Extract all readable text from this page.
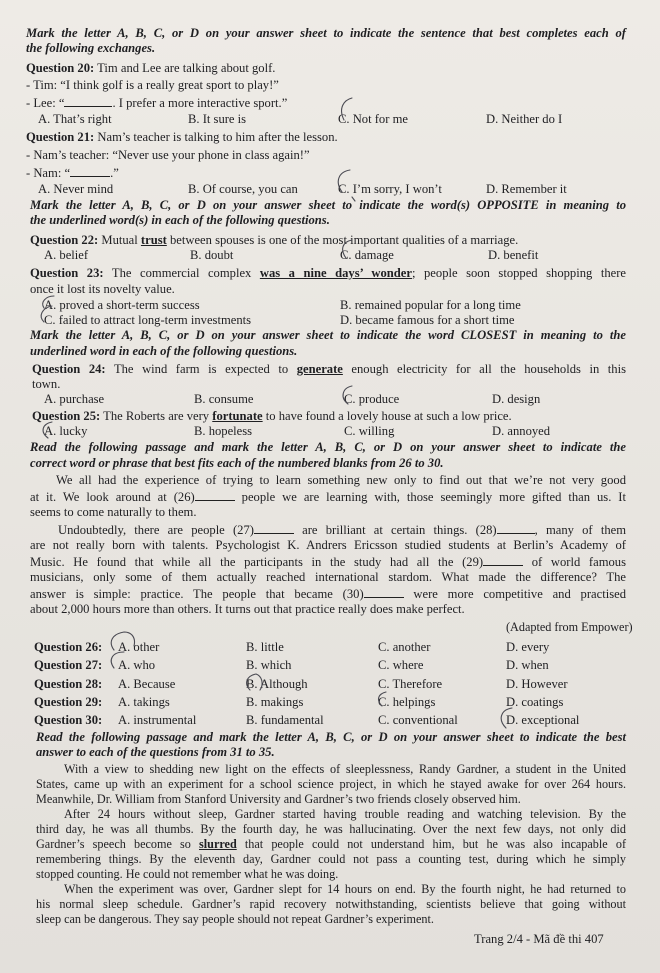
Mark the letter A, B, C, or D on your answer sheet to indicate the sentence that best completes each of
the following exchanges.
Question 20: Tim and Lee are talking about golf.
- Tim: “I think golf is a really great sport to play!”
- Lee: “	. I prefer a more interactive sport.”
A. That’s right	B. It sure is	C. Not for me	D. Neither do I
Question 21: Nam’s teacher is talking to him after the lesson.
- Nam’s teacher: “Never use your phone in class again!”
- Nam: “	.”
A. Never mind	B. Of course, you can	C. I’m sorry, I won’t	D. Remember it
Mark the letter A, B, C, or D on your answer sheet to indicate the word(s) OPPOSITE in meaning to
the underlined word(s) in each of the following questions.
Question 22: Mutual trust between spouses is one of the most important qualities of a marriage.
A. belief	B. doubt	C. damage	D. benefit
Question 23: The commercial complex was a nine days’ wonder; people soon stopped shopping there
once it lost its novelty value.
A. proved a short-term success	B. remained popular for a long time
C. failed to attract long-term investments	D. became famous for a short time
Mark the letter A, B, C, or D on your answer sheet to indicate the word CLOSEST in meaning to the
underlined word in each of the following questions.
Question 24: The wind farm is expected to generate enough electricity for all the households in this
town.
A. purchase	B. consume	C. produce	D. design
Question 25: The Roberts are very fortunate to have found a lovely house at such a low price.
A. lucky	B. hopeless	C. willing	D. annoyed
Read the following passage and mark the letter A, B, C, or D on your answer sheet to indicate the
correct word or phrase that best fits each of the numbered blanks from 26 to 30.
We all had the experience of trying to learn something new only to find out that we’re not very good
at it. We look around at (26)	people we are learning with, those seemingly more gifted than us. It
seems to come naturally to them.
Undoubtedly, there are people (27)	are brilliant at certain things. (28)	, many of them
are not really born with talents. Psychologist K. Andrers Ericsson studied students at Berlin’s Academy of
Music. He found that while all the participants in the study had all the (29)	of world famous
musicians, only some of them actually reached international stardom. What made the difference? The
answer is simple: practice. The people that became (30)	were more competitive and practised
about 2,000 hours more than others. It turns out that practice really does make perfect.
(Adapted from Empower)
Question 26: A. other	B. little	C. another	D. every
Question 27: A. who	B. which	C. where	D. when
Question 28: A. Because	B. Although	C. Therefore	D. However
Question 29: A. takings	B. makings	C. helpings	D. coatings
Question 30: A. instrumental	B. fundamental	C. conventional	D. exceptional
Read the following passage and mark the letter A, B, C, or D on your answer sheet to indicate the best
answer to each of the questions from 31 to 35.
With a view to shedding new light on the effects of sleeplessness, Randy Gardner, a student in the United
States, came up with an experiment for a school science project, in which he stayed awake for over 264 hours.
Meanwhile, Dr. William from Stanford University and Gardner’s two friends closely observed him.
After 24 hours without sleep, Gardner started having trouble reading and watching television. By the
third day, he was all thumbs. By the fourth day, he was hallucinating. Over the next few days, not only did
Gardner’s speech become so slurred that people could not understand him, but he was also incapable of
remembering things. By the eleventh day, Gardner could not pass a counting test, during which he simply
stopped counting. He could not remember what he was doing.
When the experiment was over, Gardner slept for 14 hours on end. By the fourth night, he had returned to
his normal sleep schedule. Gardner’s rapid recovery notwithstanding, scientists believe that going without
sleep can be dangerous. They say people should not repeat Gardner’s experiment.
Trang 2/4 - Mã đề thi 407
